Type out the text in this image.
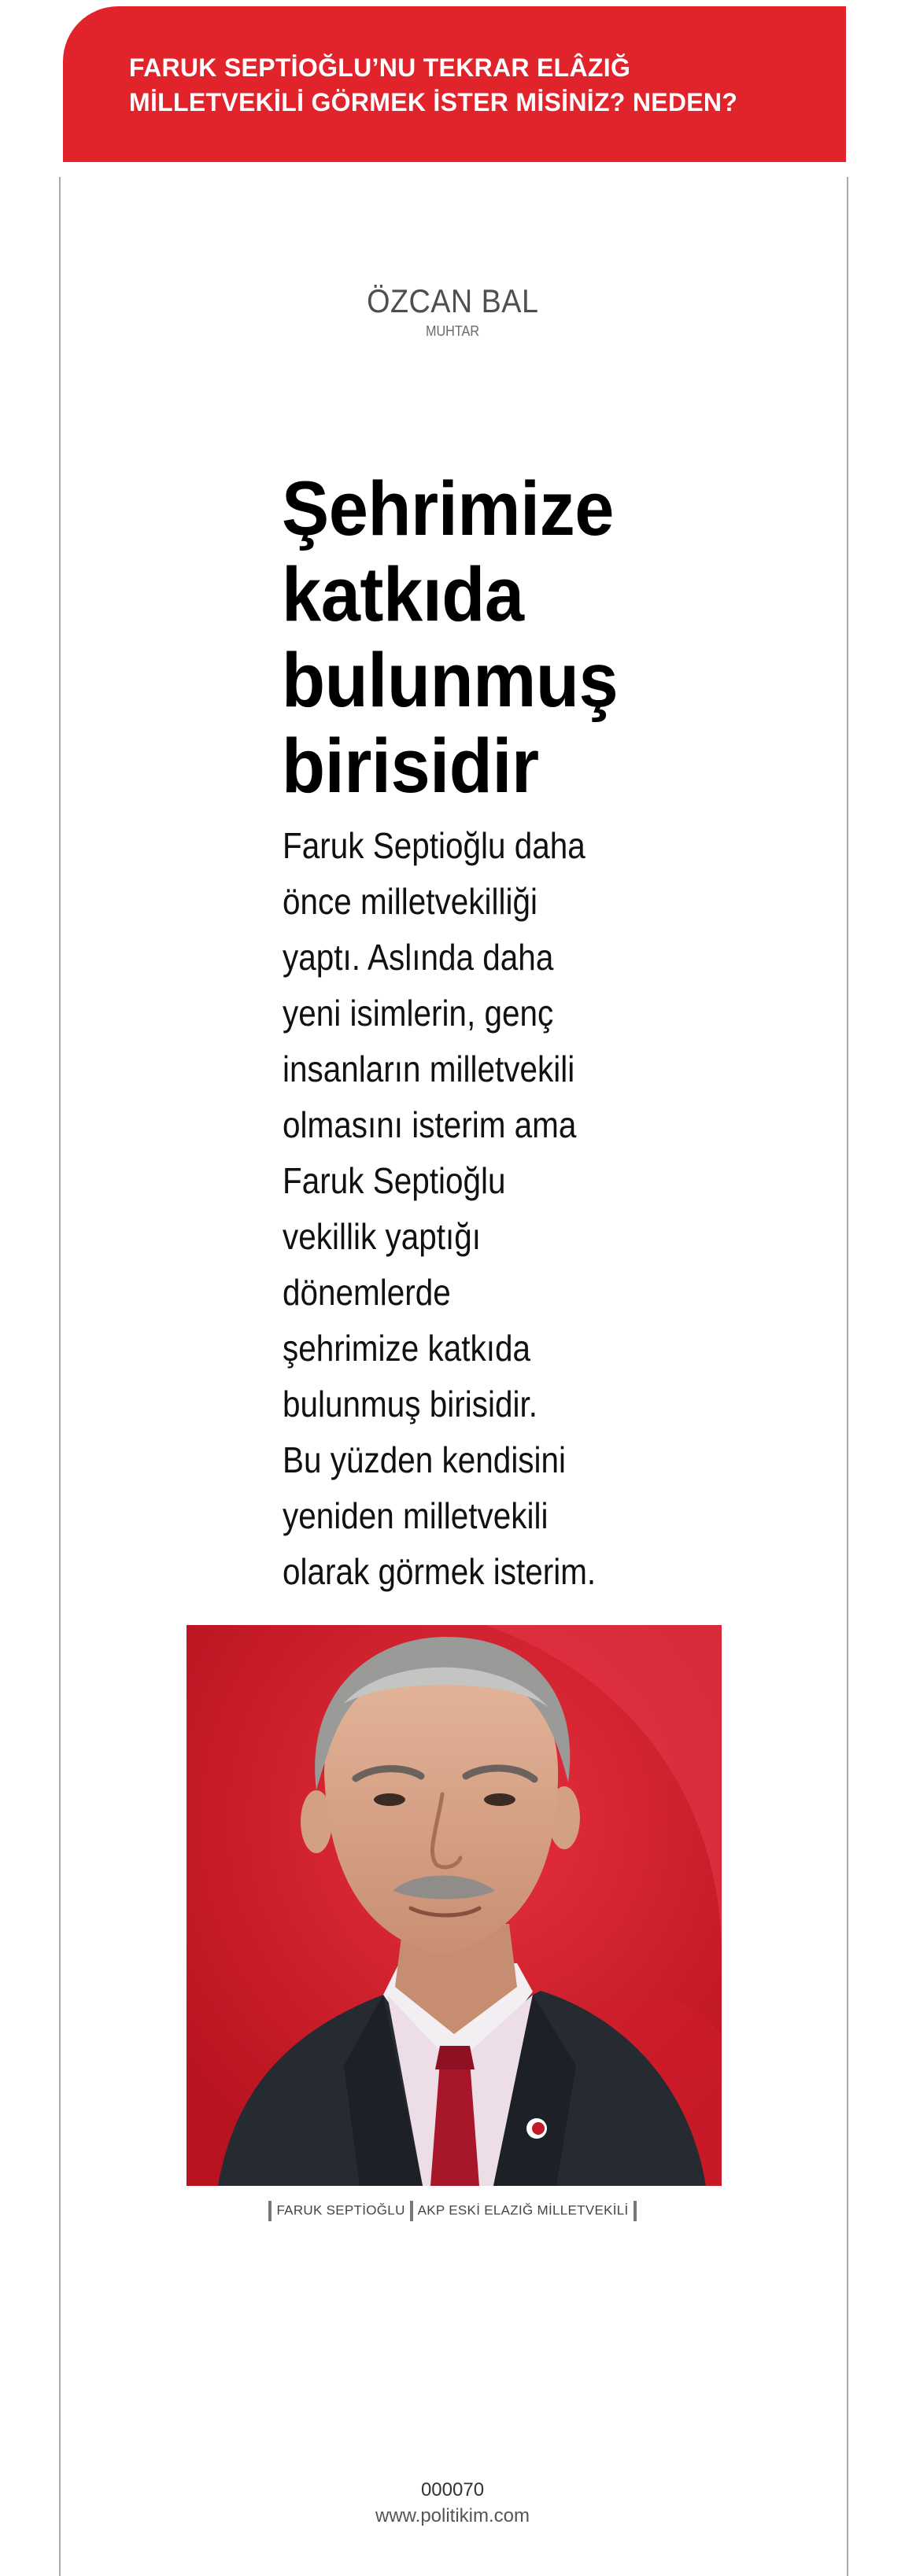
FARUK SEPTİOĞLU’NU TEKRAR ELÂZIĞ
MİLLETVEKİLİ GÖRMEK İSTER MİSİNİZ? NEDEN?
ÖZCAN BAL
MUHTAR
Şehrimize
katkıda
bulunmuş
birisidir
Faruk Septioğlu daha
önce milletvekilliği
yaptı. Aslında daha
yeni isimlerin, genç
insanların milletvekili
olmasını isterim ama
Faruk Septioğlu
vekillik yaptığı
dönemlerde
şehrimize katkıda
bulunmuş birisidir.
Bu yüzden kendisini
yeniden milletvekili
olarak görmek isterim.
FARUK SEPTİOĞLU AKP ESKİ ELAZIĞ MİLLETVEKİLİ
000070
www.politikim.com
